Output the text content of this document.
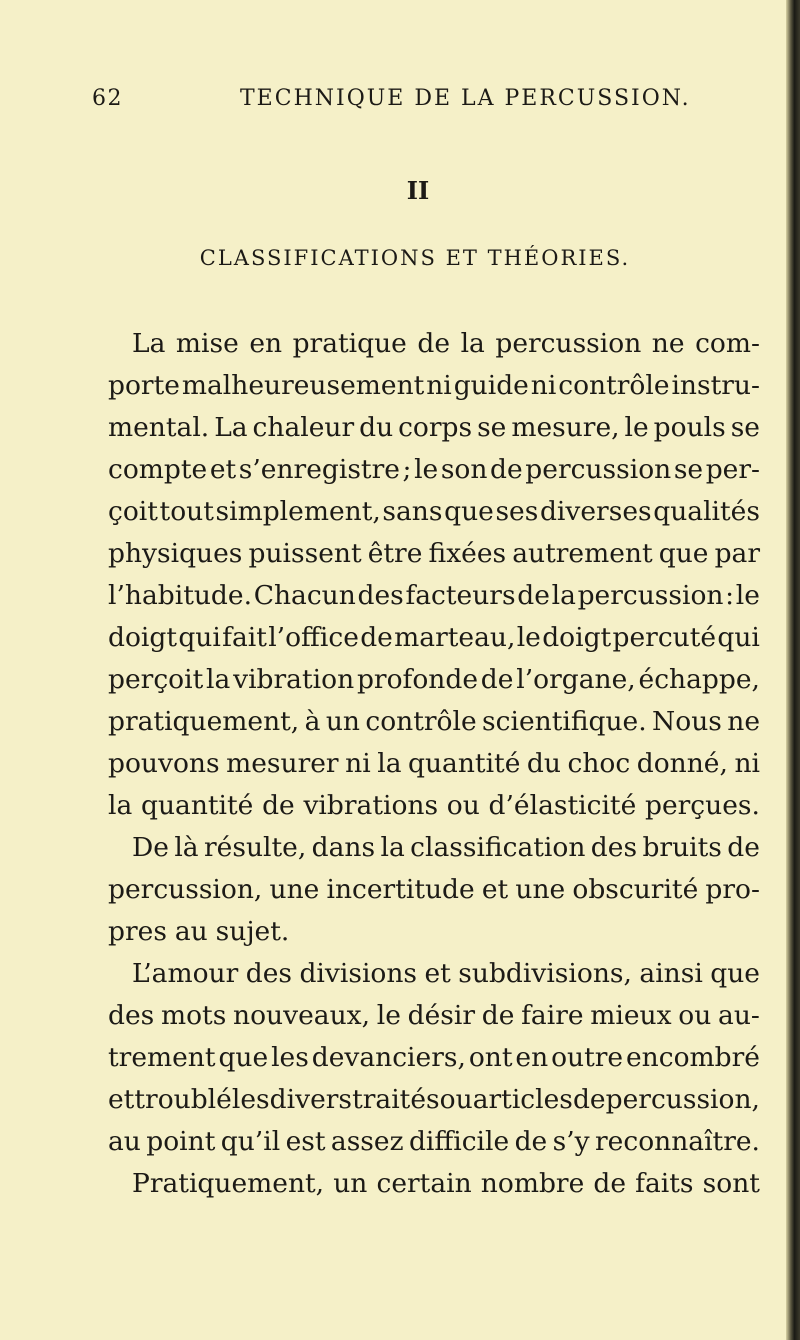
62	TECHNIQUE DE LA PERCUSSION.
II
CLASSIFICATIONS ET THÉORIES.
La mise en pratique de la percussion ne com-
porte malheureusement ni guide ni contrôle instru-
mental. La chaleur du corps se mesure, le pouls se
compte et s’enregistre ; le son de percussion se per-
çoit tout simplement, sans que ses diverses qualités
physiques puissent être fixées autrement que par
l’habitude. Chacun des facteurs de la percussion : le
doigt qui fait l’office de marteau, le doigt percuté qui
perçoit la vibration profonde de l’organe, échappe,
pratiquement, à un contrôle scientifique. Nous ne
pouvons mesurer ni la quantité du choc donné, ni
la quantité de vibrations ou d’élasticité perçues.
De là résulte, dans la classification des bruits de
percussion, une incertitude et une obscurité pro-
pres au sujet.
L’amour des divisions et subdivisions, ainsi que
des mots nouveaux, le désir de faire mieux ou au-
trement que les devanciers, ont en outre encombré
et troublé les divers traités ou articles de percussion,
au point qu’il est assez difficile de s’y reconnaître.
Pratiquement, un certain nombre de faits sont
